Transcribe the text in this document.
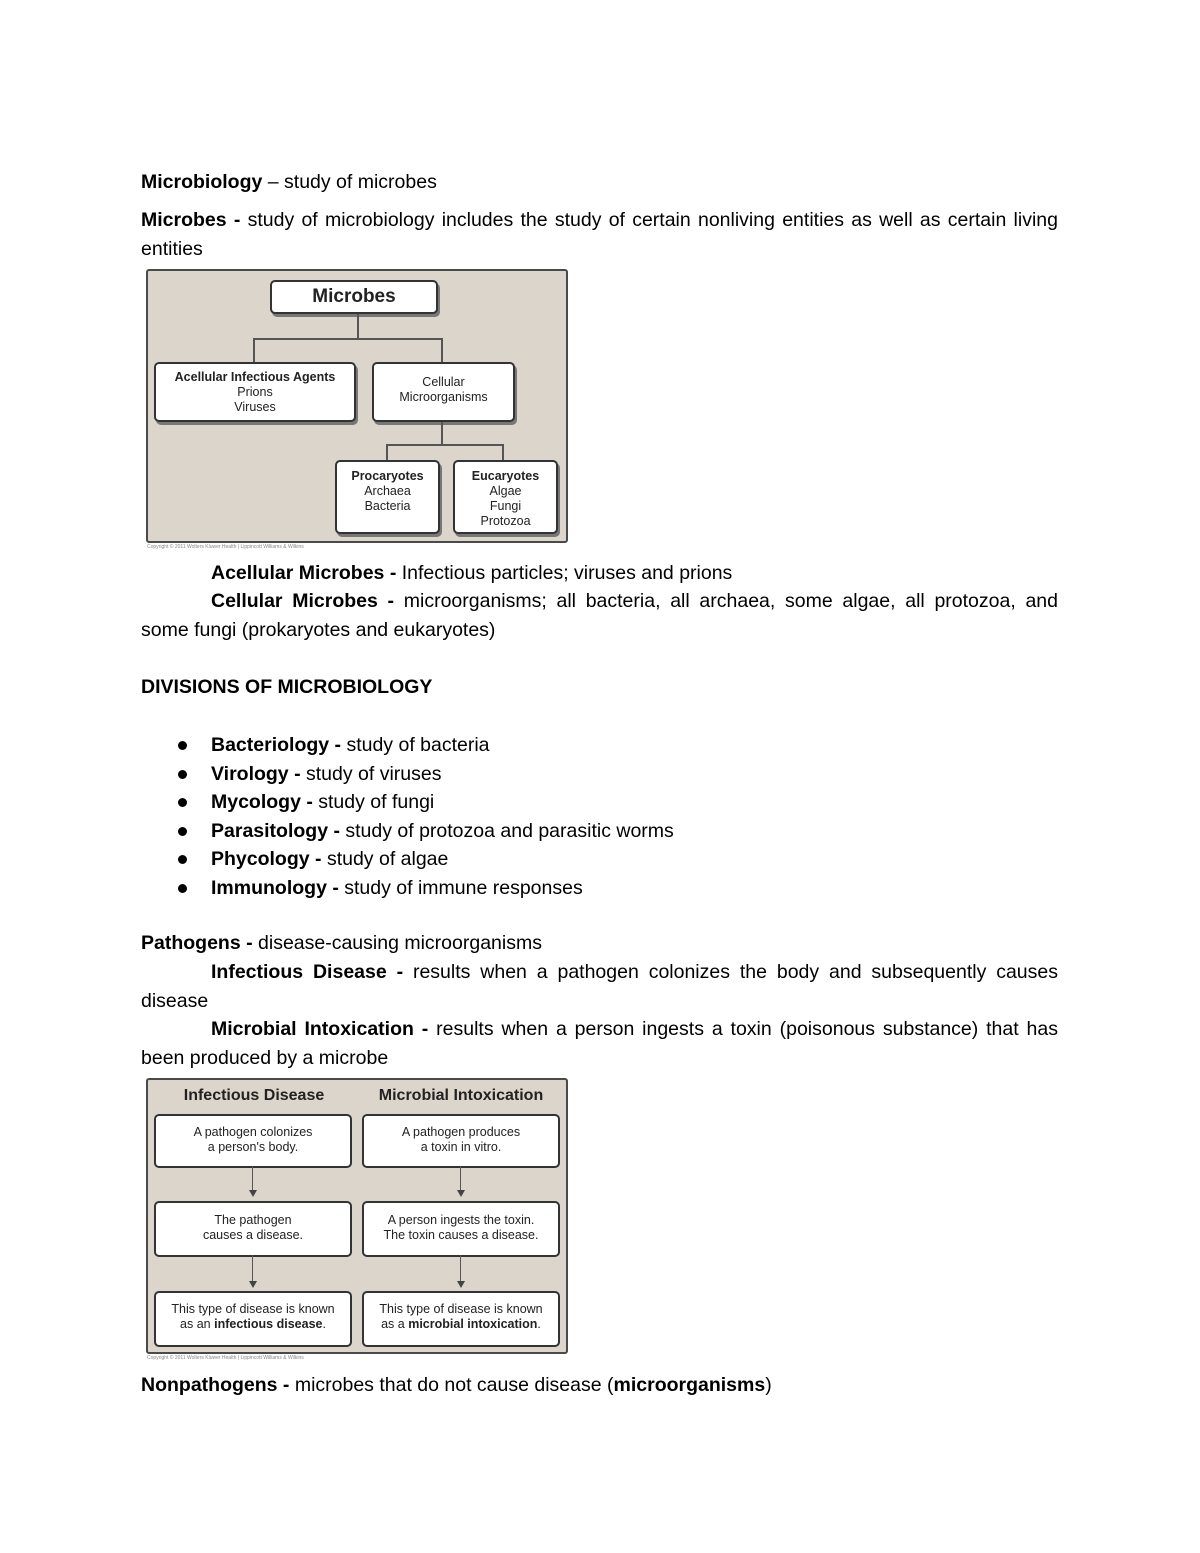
Microbiology – study of microbes
Microbes - study of microbiology includes the study of certain nonliving entities as well as certain living entities
Microbes
Acellular Infectious Agents
Prions
Viruses
Cellular
Microorganisms
Procaryotes
Archaea
Bacteria
Eucaryotes
Algae
Fungi
Protozoa
Copyright © 2011 Wolters Kluwer Health | Lippincott Williams & Wilkins
Acellular Microbes - Infectious particles; viruses and prions
Cellular Microbes - microorganisms; all bacteria, all archaea, some algae, all protozoa, and some fungi (prokaryotes and eukaryotes)
DIVISIONS OF MICROBIOLOGY
Bacteriology - study of bacteria
Virology - study of viruses
Mycology - study of fungi
Parasitology - study of protozoa and parasitic worms
Phycology - study of algae
Immunology - study of immune responses
Pathogens - disease-causing microorganisms
Infectious Disease - results when a pathogen colonizes the body and subsequently causes disease
Microbial Intoxication - results when a person ingests a toxin (poisonous substance) that has been produced by a microbe
Infectious Disease	Microbial Intoxication
A pathogen colonizes
a person's body.
The pathogen
causes a disease.
This type of disease is known
as an infectious disease.
A pathogen produces
a toxin in vitro.
A person ingests the toxin.
The toxin causes a disease.
This type of disease is known
as a microbial intoxication.
Copyright © 2011 Wolters Kluwer Health | Lippincott Williams & Wilkins
Nonpathogens - microbes that do not cause disease (microorganisms)
